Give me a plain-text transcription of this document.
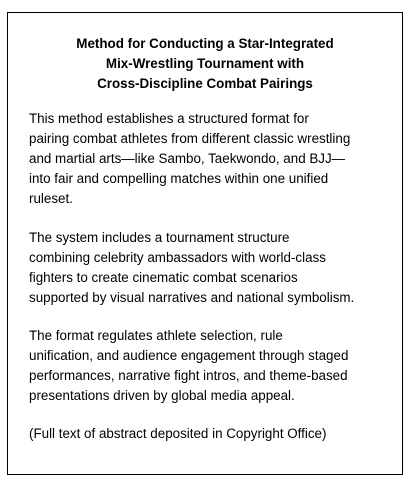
Method for Conducting a Star-Integrated
Mix-Wrestling Tournament with
Cross-Discipline Combat Pairings
This method establishes a structured format for
pairing combat athletes from different classic wrestling
and martial arts—like Sambo, Taekwondo, and BJJ—
into fair and compelling matches within one unified
ruleset.
The system includes a tournament structure
combining celebrity ambassadors with world-class
fighters to create cinematic combat scenarios
supported by visual narratives and national symbolism.
The format regulates athlete selection, rule
unification, and audience engagement through staged
performances, narrative fight intros, and theme-based
presentations driven by global media appeal.
(Full text of abstract deposited in Copyright Office)
